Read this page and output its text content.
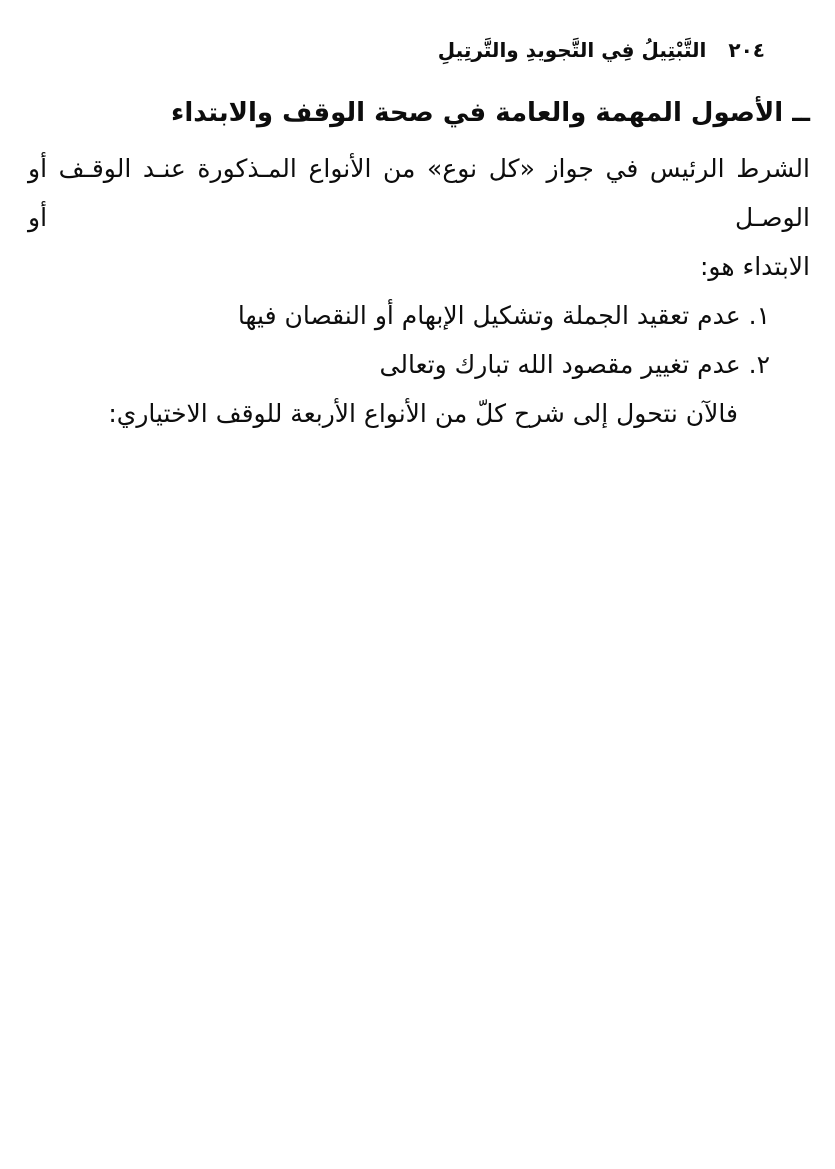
٢٠٤
التَّبْتِيلُ فِي التَّجويدِ والتَّرتِيلِ
ــ الأصول المهمة والعامة في صحة الوقف والابتداء

الشرط الرئيس في جواز «كل نوع» من الأنواع المـذكورة عنـد الوقـف أو الوصـل أو

الابتداء هو:

١. عدم تعقيد الجملة وتشكيل الإبهام أو النقصان فيها

٢. عدم تغيير مقصود الله تبارك وتعالى

فالآن نتحول إلى شرح كلّ من الأنواع الأربعة للوقف الاختياري:
